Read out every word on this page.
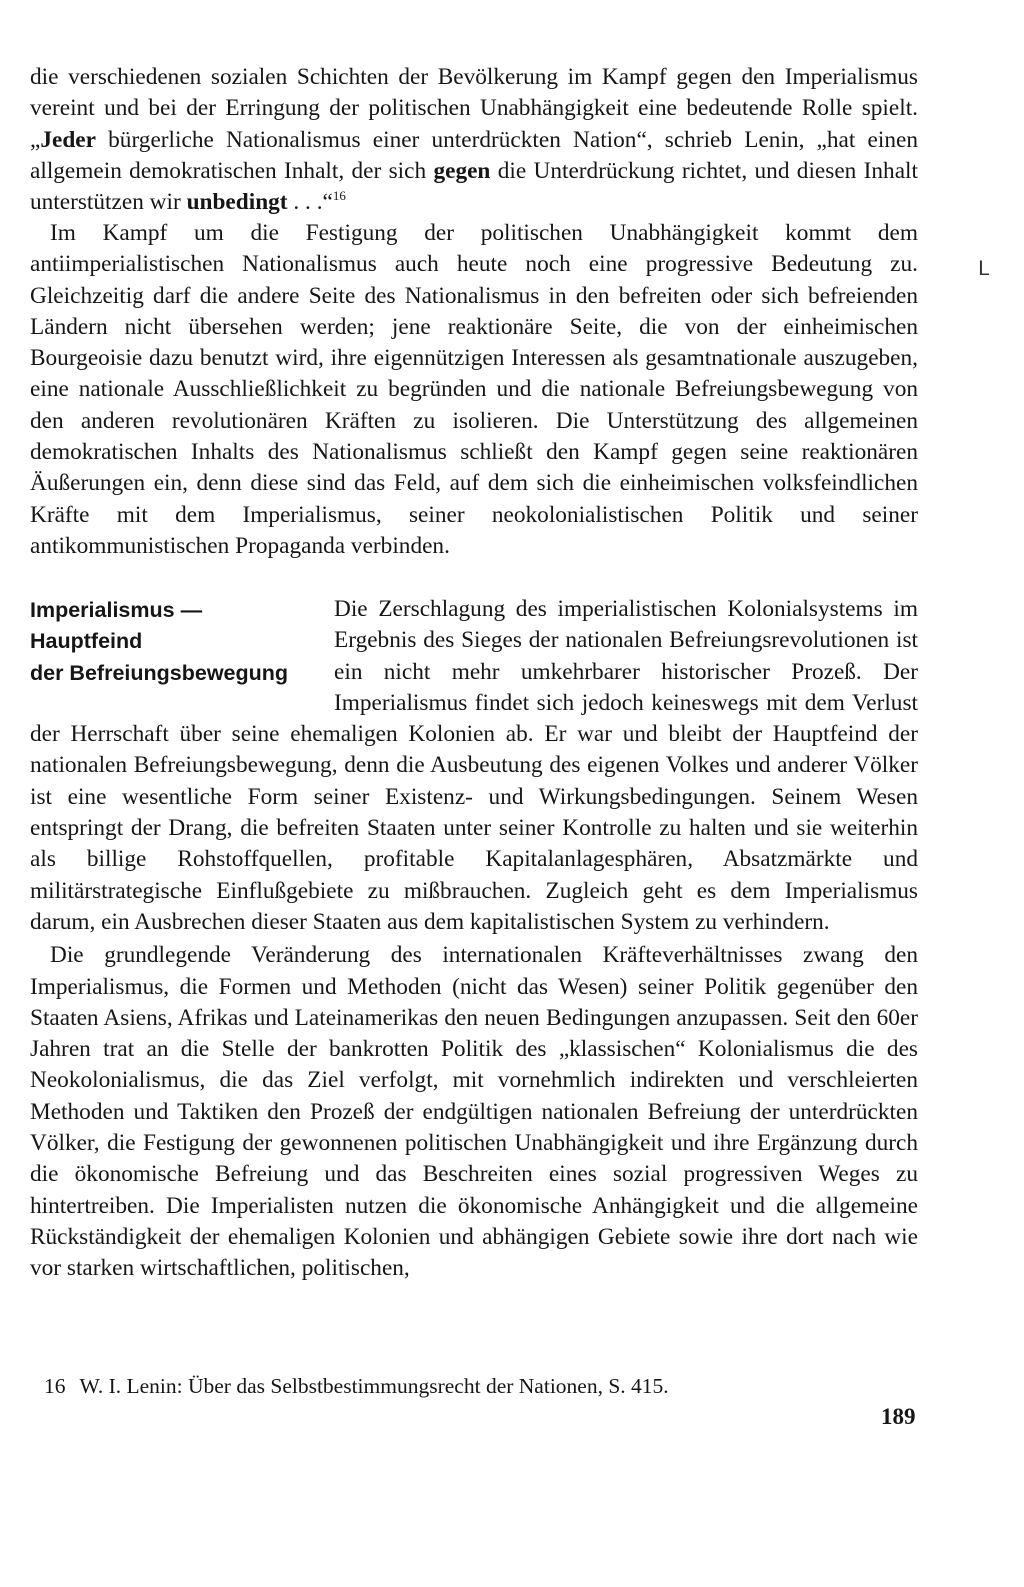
die verschiedenen sozialen Schichten der Bevölkerung im Kampf gegen den Imperialismus vereint und bei der Erringung der politischen Unabhängigkeit eine bedeutende Rolle spielt. „Jeder bürgerliche Nationalismus einer unterdrückten Nation“, schrieb Lenin, „hat einen allgemein demokratischen Inhalt, der sich gegen die Unterdrückung richtet, und diesen Inhalt unterstützen wir unbedingt . . .“$^{16}$

Im Kampf um die Festigung der politischen Unabhängigkeit kommt dem antiimperialistischen Nationalismus auch heute noch eine progressive Bedeutung zu. Gleichzeitig darf die andere Seite des Nationalismus in den befreiten oder sich befreienden Ländern nicht übersehen werden; jene reaktionäre Seite, die von der einheimischen Bourgeoisie dazu benutzt wird, ihre eigennützigen Interessen als gesamtnationale auszugeben, eine nationale Ausschließlichkeit zu begründen und die nationale Befreiungsbewegung von den anderen revolutionären Kräften zu isolieren. Die Unterstützung des allgemeinen demokratischen Inhalts des Nationalismus schließt den Kampf gegen seine reaktionären Äußerungen ein, denn diese sind das Feld, auf dem sich die einheimischen volksfeindlichen Kräfte mit dem Imperialismus, seiner neokolonialistischen Politik und seiner antikommunistischen Propaganda verbinden.

Imperialismus —
Hauptfeind
der Befreiungsbewegung

Die Zerschlagung des imperialistischen Kolonialsystems im Ergebnis des Sieges der nationalen Befreiungsrevolutionen ist ein nicht mehr umkehrbarer historischer Prozeß. Der Imperialismus findet sich jedoch keineswegs mit dem Verlust der Herrschaft über seine ehemaligen Kolonien ab. Er war und bleibt der Hauptfeind der nationalen Befreiungsbewegung, denn die Ausbeutung des eigenen Volkes und anderer Völker ist eine wesentliche Form seiner Existenz- und Wirkungsbedingungen. Seinem Wesen entspringt der Drang, die befreiten Staaten unter seiner Kontrolle zu halten und sie weiterhin als billige Rohstoffquellen, profitable Kapitalanlagesphären, Absatzmärkte und militärstrategische Einflußgebiete zu mißbrauchen. Zugleich geht es dem Imperialismus darum, ein Ausbrechen dieser Staaten aus dem kapitalistischen System zu verhindern.

Die grundlegende Veränderung des internationalen Kräfteverhältnisses zwang den Imperialismus, die Formen und Methoden (nicht das Wesen) seiner Politik gegenüber den Staaten Asiens, Afrikas und Lateinamerikas den neuen Bedingungen anzupassen. Seit den 60er Jahren trat an die Stelle der bankrotten Politik des „klassischen“ Kolonialismus die des Neokolonialismus, die das Ziel verfolgt, mit vornehmlich indirekten und verschleierten Methoden und Taktiken den Prozeß der endgültigen nationalen Befreiung der unterdrückten Völker, die Festigung der gewonnenen politischen Unabhängigkeit und ihre Ergänzung durch die ökonomische Befreiung und das Beschreiten eines sozial progressiven Weges zu hintertreiben. Die Imperialisten nutzen die ökonomische Anhängigkeit und die allgemeine Rückständigkeit der ehemaligen Kolonien und abhängigen Gebiete sowie ihre dort nach wie vor starken wirtschaftlichen, politischen,

16 W. I. Lenin: Über das Selbstbestimmungsrecht der Nationen, S. 415.

189

ᒪ
